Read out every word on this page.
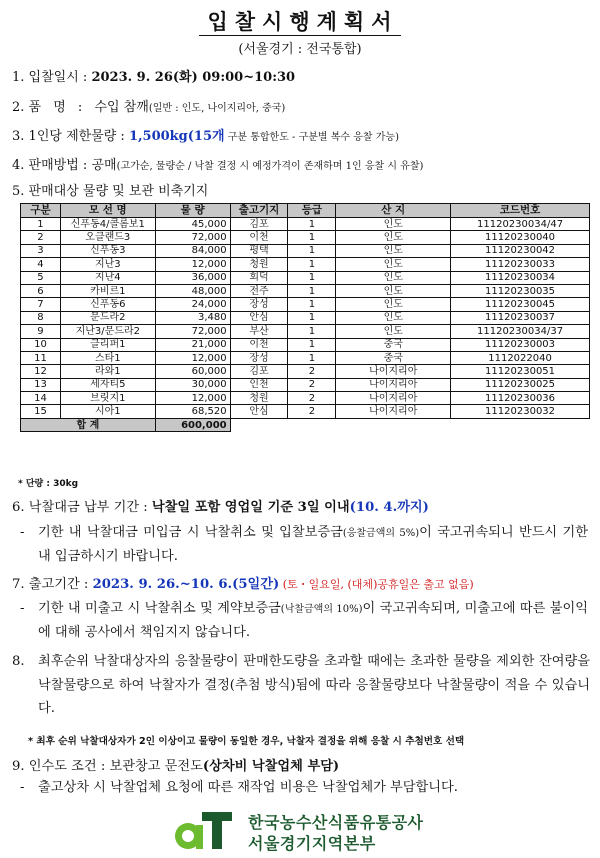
입찰시행계획서
(서울경기 : 전국통합)
1. 입찰일시 : 2023. 9. 26(화) 09:00~10:30
2. 품 명 : 수입 참깨(일반 : 인도, 나이지리아, 중국)
3. 1인당 제한물량 : 1,500kg(15개 구분 통합한도 - 구분별 복수 응찰 가능)
4. 판매방법 : 공매(고가순, 물량순 / 낙찰 결정 시 예정가격이 존재하며 1인 응찰 시 유찰)
5. 판매대상 물량 및 보관 비축기지
구분	모 선 명	물 량	출고기지	등급	산 지	코드번호
1	신푸동4/콜롬보1	45,000	김포	1	인도	11120230034/47
2	오클랜드3	72,000	이천	1	인도	11120230040
3	신푸동3	84,000	평택	1	인도	11120230042
4	지난3	12,000	청원	1	인도	11120230033
5	지난4	36,000	회덕	1	인도	11120230034
6	카비르1	48,000	전주	1	인도	11120230035
7	신푸동6	24,000	장성	1	인도	11120230045
8	문드라2	3,480	안심	1	인도	11120230037
9	지난3/문드라2	72,000	부산	1	인도	11120230034/37
10	클리퍼1	21,000	이천	1	중국	11120230003
11	스타1	12,000	장성	1	중국	1112022040
12	라와1	60,000	김포	2	나이지리아	11120230051
13	세자티5	30,000	인천	2	나이지리아	11120230025
14	브릿지1	12,000	청원	2	나이지리아	11120230036
15	시아1	68,520	안심	2	나이지리아	11120230032
합 계		600,000				
* 단량 : 30kg
6. 낙찰대금 납부 기간 : 낙찰일 포함 영업일 기준 3일 이내(10. 4.까지)
-	기한 내 낙찰대금 미입금 시 낙찰취소 및 입찰보증금(응찰금액의 5%)이 국고귀속되니 반드시 기한 내 입금하시기 바랍니다.
7. 출고기간 : 2023. 9. 26.~10. 6.(5일간) (토・일요일, (대체)공휴일은 출고 없음)
-	기한 내 미출고 시 낙찰취소 및 계약보증금(낙찰금액의 10%)이 국고귀속되며, 미출고에 따른 불이익에 대해 공사에서 책임지지 않습니다.
8.	최후순위 낙찰대상자의 응찰물량이 판매한도량을 초과할 때에는 초과한 물량을 제외한 잔여량을 낙찰물량으로 하여 낙찰자가 결정(추첨 방식)됨에 따라 응찰물량보다 낙찰물량이 적을 수 있습니다.
* 최후 순위 낙찰대상자가 2인 이상이고 물량이 동일한 경우, 낙찰자 결정을 위해 응찰 시 추첨번호 선택
9. 인수도 조건 : 보관창고 문전도(상차비 낙찰업체 부담)
-	출고상차 시 낙찰업체 요청에 따른 재작업 비용은 낙찰업체가 부담합니다.
aT
한국농수산식품유통공사
서울경기지역본부
